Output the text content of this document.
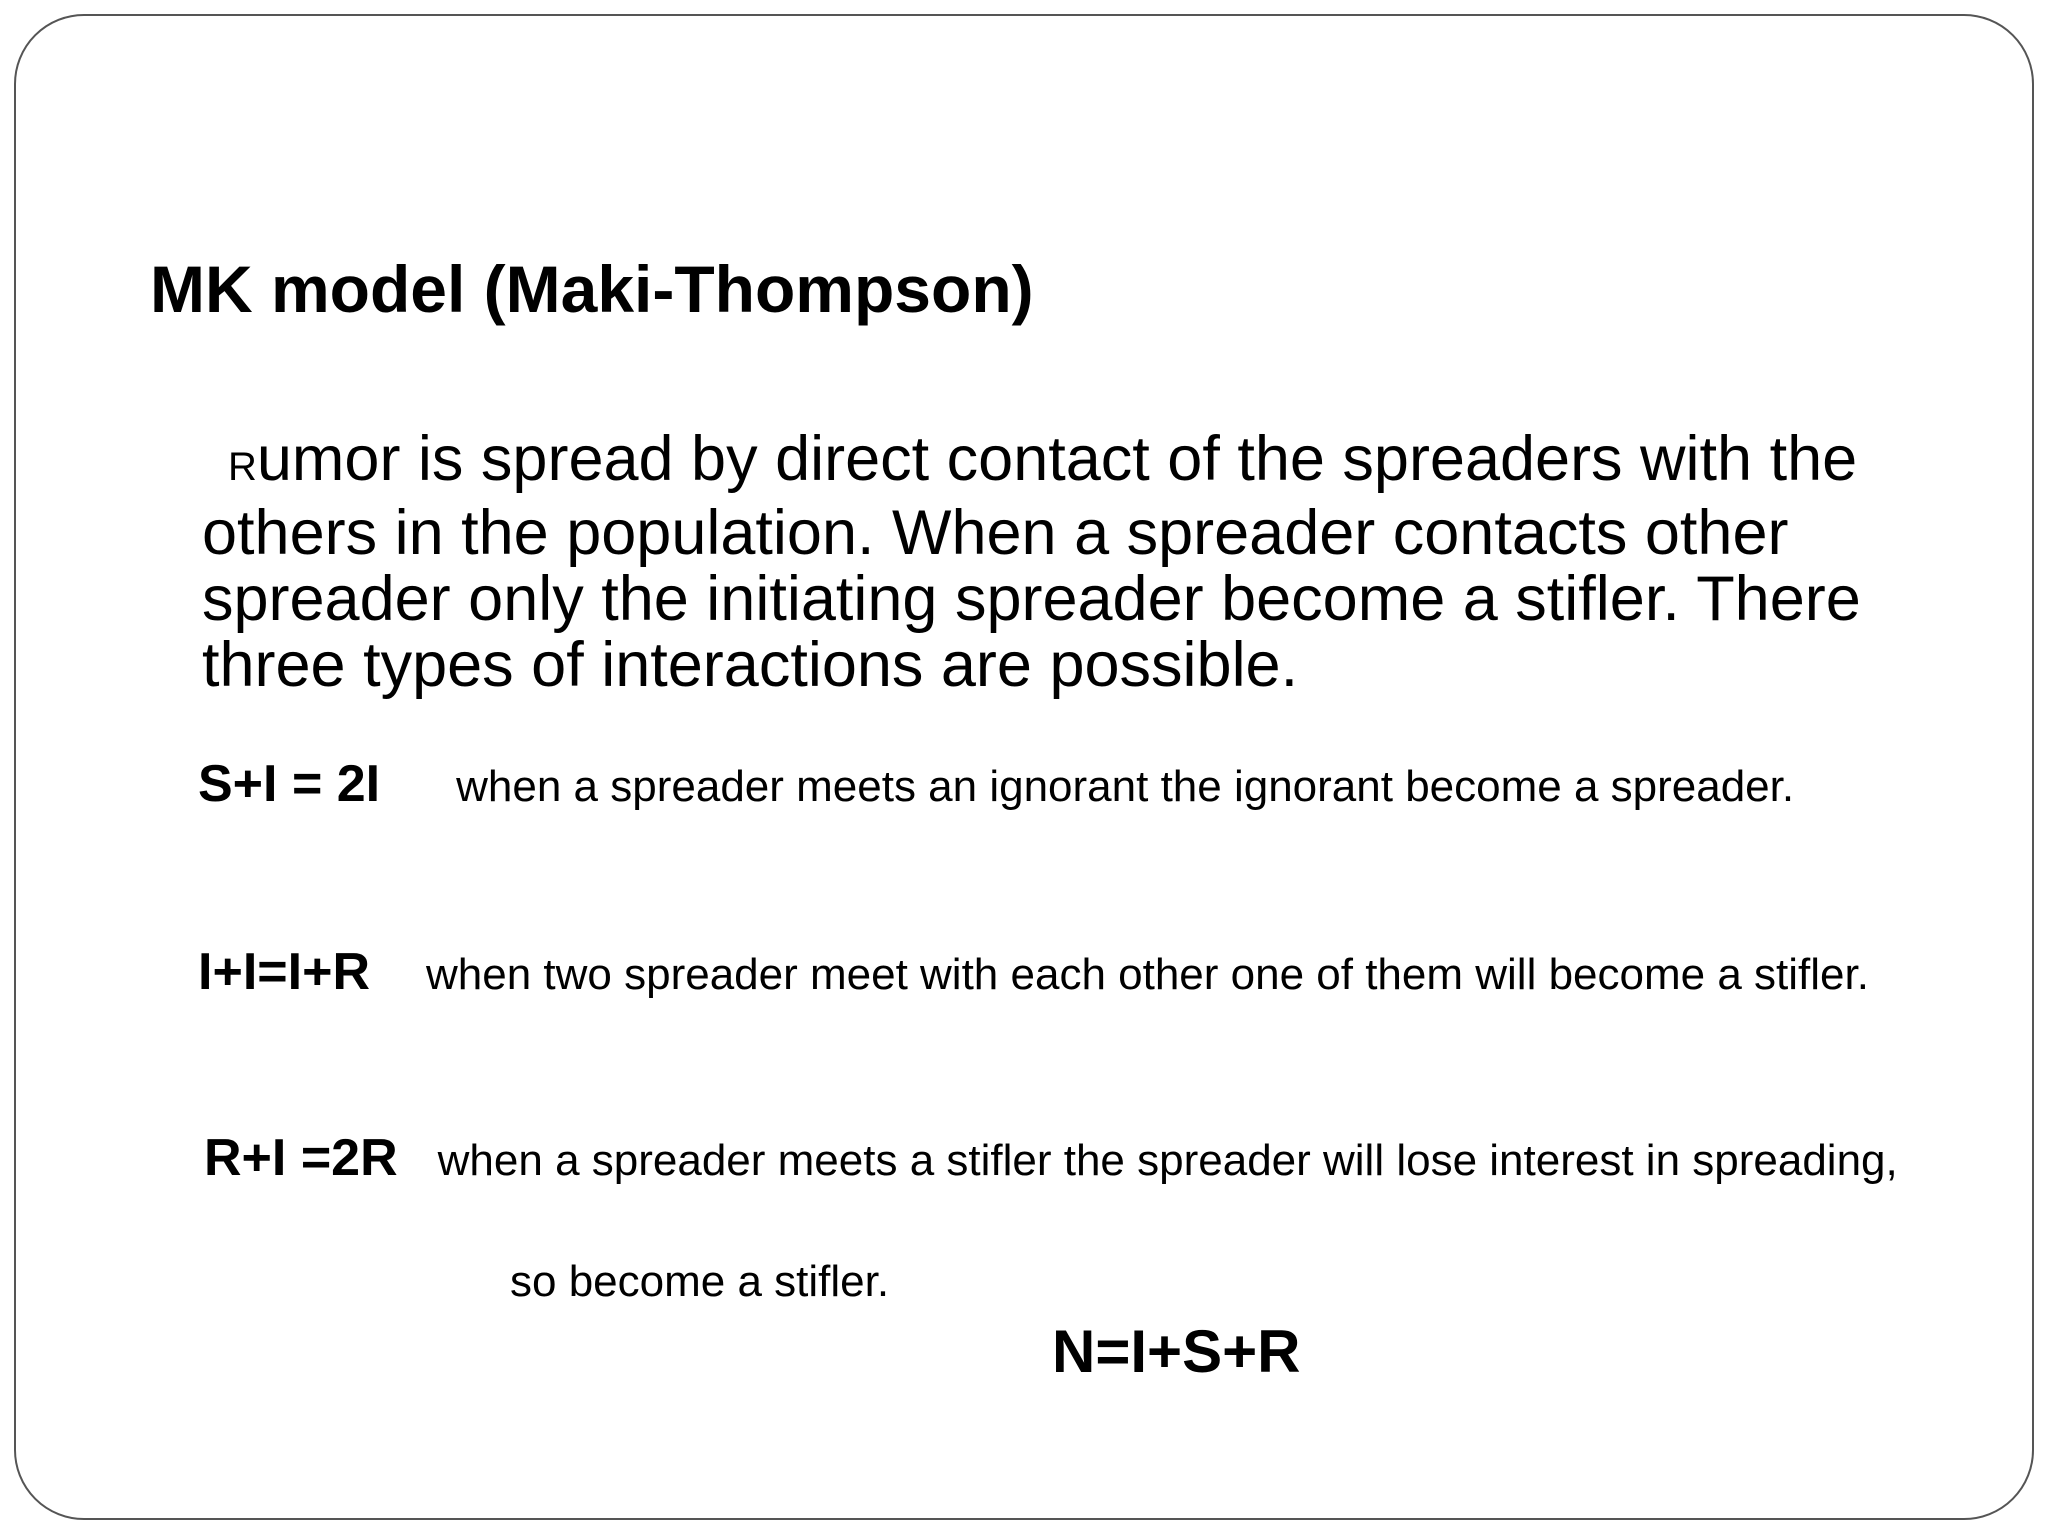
MK model (Maki-Thompson)
Rumor is spread by direct contact of the spreaders with the others in the population. When a spreader contacts other spreader only the initiating spreader become a stifler. There three types of interactions are possible.
S+I = 2I when a spreader meets an ignorant the ignorant become a spreader.
I+I=I+R when two spreader meet with each other one of them will become a stifler.
R+I =2R when a spreader meets a stifler the spreader will lose interest in spreading,
so become a stifler.
N=I+S+R
